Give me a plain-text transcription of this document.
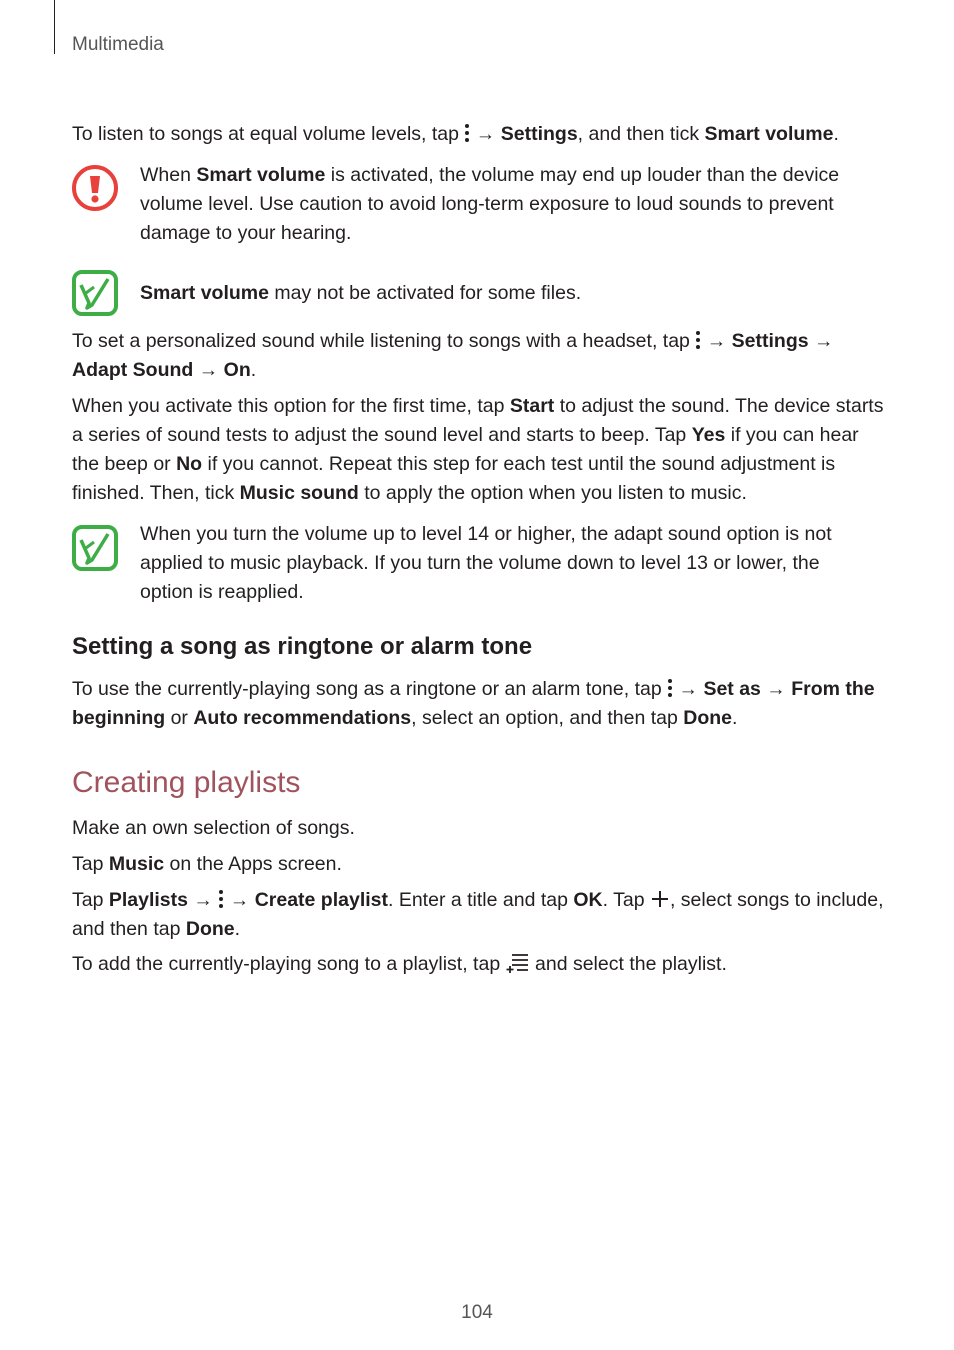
Multimedia

To listen to songs at equal volume levels, tap  → Settings, and then tick Smart volume.

When Smart volume is activated, the volume may end up louder than the device volume level. Use caution to avoid long-term exposure to loud sounds to prevent damage to your hearing.

Smart volume may not be activated for some files.

To set a personalized sound while listening to songs with a headset, tap  → Settings → Adapt Sound → On.

When you activate this option for the first time, tap Start to adjust the sound. The device starts a series of sound tests to adjust the sound level and starts to beep. Tap Yes if you can hear the beep or No if you cannot. Repeat this step for each test until the sound adjustment is finished. Then, tick Music sound to apply the option when you listen to music.

When you turn the volume up to level 14 or higher, the adapt sound option is not applied to music playback. If you turn the volume down to level 13 or lower, the option is reapplied.

Setting a song as ringtone or alarm tone

To use the currently-playing song as a ringtone or an alarm tone, tap  → Set as → From the beginning or Auto recommendations, select an option, and then tap Done.

Creating playlists

Make an own selection of songs.

Tap Music on the Apps screen.

Tap Playlists →  → Create playlist. Enter a title and tap OK. Tap , select songs to include, and then tap Done.

To add the currently-playing song to a playlist, tap  and select the playlist.

104
